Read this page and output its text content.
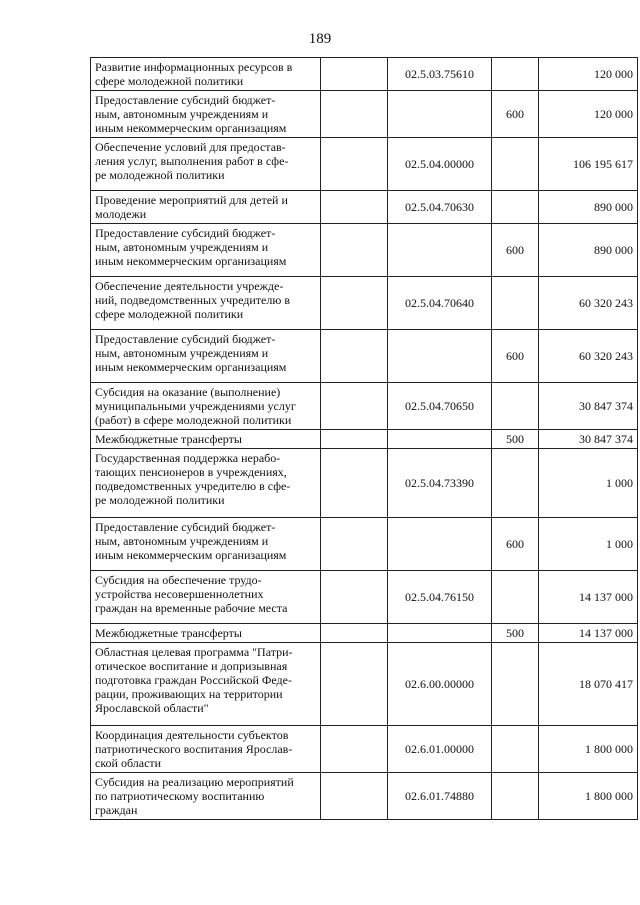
189
Развитие информационных ресурсов в
сфере молодежной политики		02.5.03.75610		120 000

Предоставление субсидий бюджет-
ным, автономным учреждениям и
иным некоммерческим организациям			600	120 000

Обеспечение условий для предостав-
ления услуг, выполнения работ в сфе-
ре молодежной политики		02.5.04.00000		106 195 617

Проведение мероприятий для детей и
молодежи		02.5.04.70630		890 000

Предоставление субсидий бюджет-
ным, автономным учреждениям и
иным некоммерческим организациям			600	890 000

Обеспечение деятельности учрежде-
ний, подведомственных учредителю в
сфере молодежной политики		02.5.04.70640		60 320 243

Предоставление субсидий бюджет-
ным, автономным учреждениям и
иным некоммерческим организациям			600	60 320 243

Субсидия на оказание (выполнение)
муниципальными учреждениями услуг
(работ) в сфере молодежной политики		02.5.04.70650		30 847 374

Межбюджетные трансферты			500	30 847 374

Государственная поддержка нерабо-
тающих пенсионеров в учреждениях,
подведомственных учредителю в сфе-
ре молодежной политики		02.5.04.73390		1 000

Предоставление субсидий бюджет-
ным, автономным учреждениям и
иным некоммерческим организациям			600	1 000

Субсидия на обеспечение трудо-
устройства несовершеннолетних
граждан на временные рабочие места		02.5.04.76150		14 137 000

Межбюджетные трансферты			500	14 137 000

Областная целевая программа "Патри-
отическое воспитание и допризывная
подготовка граждан Российской Феде-
рации, проживающих на территории
Ярославской области"		02.6.00.00000		18 070 417

Координация деятельности субъектов
патриотического воспитания Ярослав-
ской области		02.6.01.00000		1 800 000

Субсидия на реализацию мероприятий
по патриотическому воспитанию
граждан		02.6.01.74880		1 800 000
